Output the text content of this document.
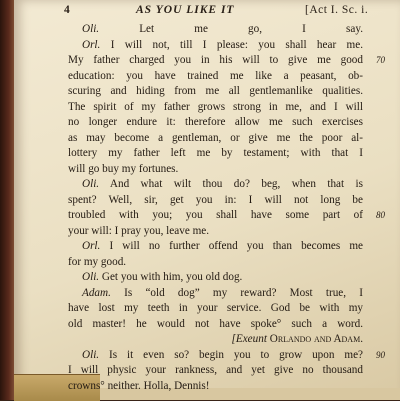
4	AS YOU LIKE IT	[Act I. Sc. i.
Oli.	Let me go, I say.
Orl. I will not, till I please: you shall hear me.
My father charged you in his will to give me good 70
education: you have trained me like a peasant, ob-
scuring and hiding from me all gentlemanlike qualities.
The spirit of my father grows strong in me, and I will
no longer endure it: therefore allow me such exercises
as may become a gentleman, or give me the poor al-
lottery my father left me by testament; with that I
will go buy my fortunes.
Oli. And what wilt thou do? beg, when that is
spent? Well, sir, get you in: I will not long be
troubled with you; you shall have some part of 80
your will: I pray you, leave me.
Orl. I will no further offend you than becomes me
for my good.
Oli. Get you with him, you old dog.
Adam. Is “old dog” my reward? Most true, I
have lost my teeth in your service. God be with my
old master! he would not have spoke° such a word.
[Exeunt Orlando and Adam.
Oli. Is it even so? begin you to grow upon me? 90
I will physic your rankness, and yet give no thousand
crowns° neither. Holla, Dennis!
